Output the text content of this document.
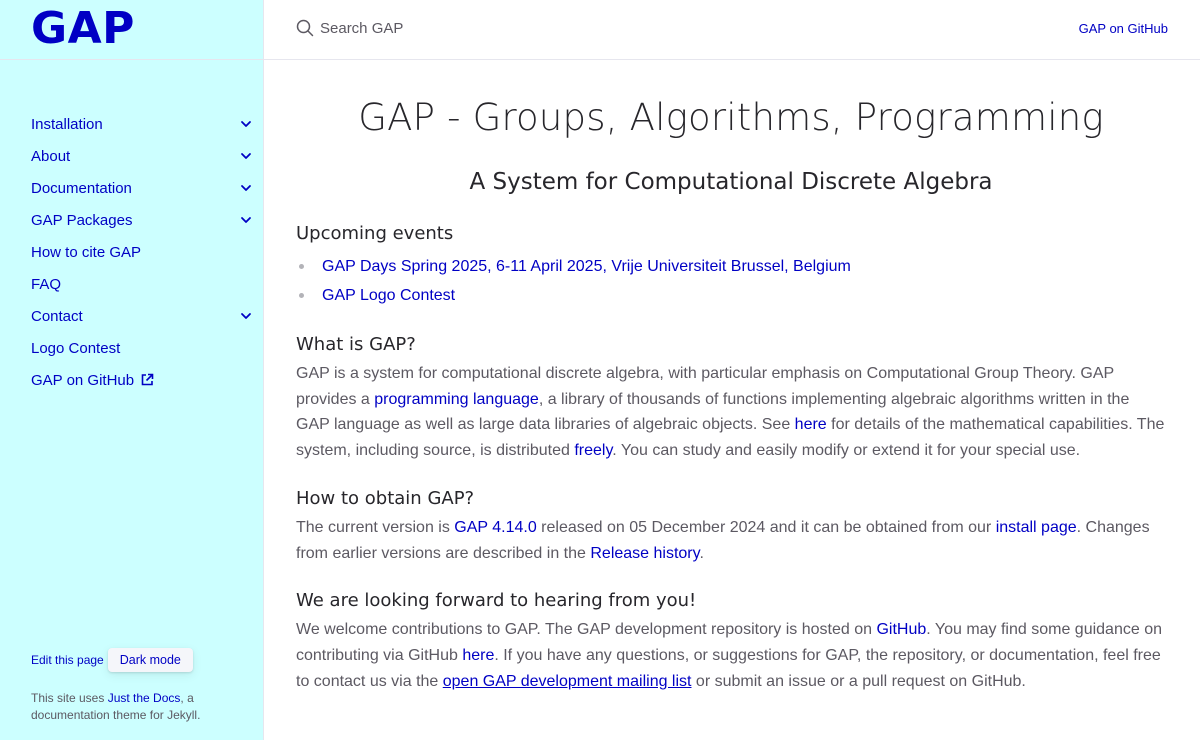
GAP
Installation
About
Documentation
GAP Packages
How to cite GAP
FAQ
Contact
Logo Contest
GAP on GitHub
Edit this page	Dark mode

This site uses Just the Docs, a documentation theme for Jekyll.

Search GAP
GAP on GitHub
GAP - Groups, Algorithms, Programming
A System for Computational Discrete Algebra
Upcoming events
GAP Days Spring 2025, 6-11 April 2025, Vrije Universiteit Brussel, Belgium
GAP Logo Contest
What is GAP?

GAP is a system for computational discrete algebra, with particular emphasis on Computational Group Theory. GAP provides a programming language, a library of thousands of functions implementing algebraic algorithms written in the GAP language as well as large data libraries of algebraic objects. See here for details of the mathematical capabilities. The system, including source, is distributed freely. You can study and easily modify or extend it for your special use.

How to obtain GAP?

The current version is GAP 4.14.0 released on 05 December 2024 and it can be obtained from our install page. Changes from earlier versions are described in the Release history.

We are looking forward to hearing from you!

We welcome contributions to GAP. The GAP development repository is hosted on GitHub. You may find some guidance on contributing via GitHub here. If you have any questions, or suggestions for GAP, the repository, or documentation, feel free to contact us via the open GAP development mailing list or submit an issue or a pull request on GitHub.
